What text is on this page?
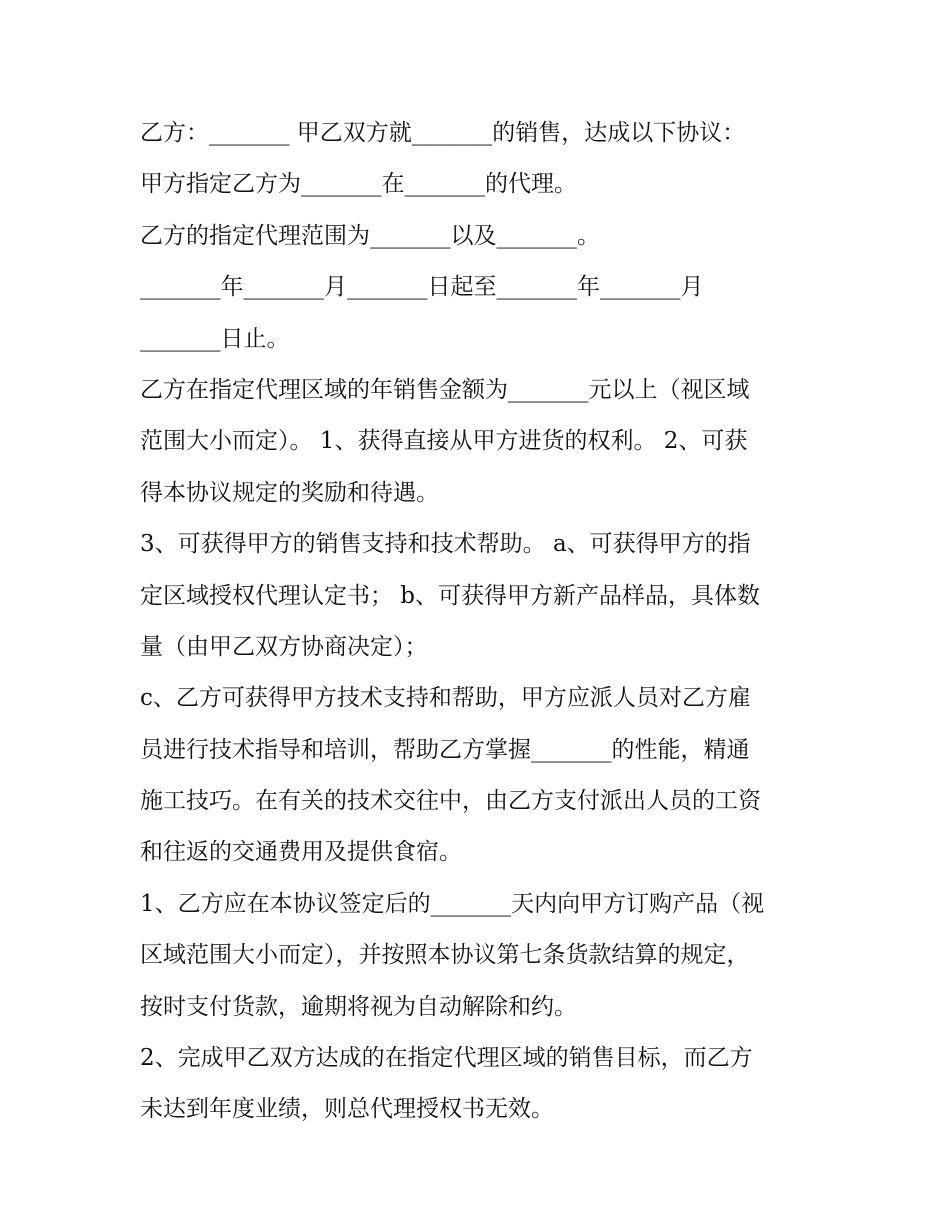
乙方：_______ 甲乙双方就_______的销售，达成以下协议：
甲方指定乙方为_______在_______的代理。
乙方的指定代理范围为_______以及_______。
_______年_______月_______日起至_______年_______月
_______日止。
乙方在指定代理区域的年销售金额为_______元以上（视区域
范围大小而定）。 1、获得直接从甲方进货的权利。 2、可获
得本协议规定的奖励和待遇。
3、可获得甲方的销售支持和技术帮助。 a、可获得甲方的指
定区域授权代理认定书； b、可获得甲方新产品样品，具体数
量（由甲乙双方协商决定）；
c、乙方可获得甲方技术支持和帮助，甲方应派人员对乙方雇
员进行技术指导和培训，帮助乙方掌握_______的性能，精通
施工技巧。在有关的技术交往中，由乙方支付派出人员的工资
和往返的交通费用及提供食宿。
1、乙方应在本协议签定后的_______天内向甲方订购产品（视
区域范围大小而定），并按照本协议第七条货款结算的规定，
按时支付货款，逾期将视为自动解除和约。
2、完成甲乙双方达成的在指定代理区域的销售目标，而乙方
未达到年度业绩，则总代理授权书无效。
